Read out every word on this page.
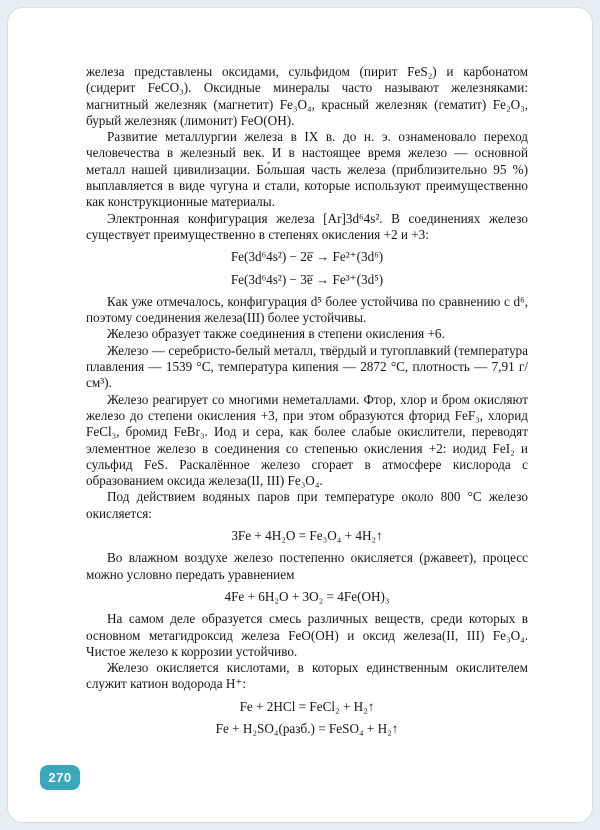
железа представлены оксидами, сульфидом (пирит FeS₂) и карбонатом (сидерит FeCO₃). Оксидные минералы часто называют железняками: магнитный железняк (магнетит) Fe₃O₄, красный железняк (гематит) Fe₂O₃, бурый железняк (лимонит) FeO(OH).

Развитие металлургии железа в IX в. до н. э. ознаменовало переход человечества в железный век. И в настоящее время железо — основной металл нашей цивилизации. Бо́льшая часть железа (приблизительно 95 %) выплавляется в виде чугуна и стали, которые используют преимущественно как конструкционные материалы.

Электронная конфигурация железа [Ar]3d⁶4s². В соединениях железо существует преимущественно в степенях окисления +2 и +3:

Fe(3d⁶4s²) − 2e̅ → Fe²⁺(3d⁶)
Fe(3d⁶4s²) − 3e̅ → Fe³⁺(3d⁵)

Как уже отмечалось, конфигурация d⁵ более устойчива по сравнению с d⁶, поэтому соединения железа(III) более устойчивы.

Железо образует также соединения в степени окисления +6.

Железо — серебристо-белый металл, твёрдый и тугоплавкий (температура плавления — 1539 °C, температура кипения — 2872 °C, плотность — 7,91 г/см³).

Железо реагирует со многими неметаллами. Фтор, хлор и бром окисляют железо до степени окисления +3, при этом образуются фторид FeF₃, хлорид FeCl₃, бромид FeBr₃. Иод и сера, как более слабые окислители, переводят элементное железо в соединения со степенью окисления +2: иодид FeI₂ и сульфид FeS. Раскалённое железо сгорает в атмосфере кислорода с образованием оксида железа(II, III) Fe₃O₄.

Под действием водяных паров при температуре около 800 °C железо окисляется:

3Fe + 4H₂O = Fe₃O₄ + 4H₂↑

Во влажном воздухе железо постепенно окисляется (ржавеет), процесс можно условно передать уравнением

4Fe + 6H₂O + 3O₂ = 4Fe(OH)₃

На самом деле образуется смесь различных веществ, среди которых в основном метагидроксид железа FeO(OH) и оксид железа(II, III) Fe₃O₄. Чистое железо к коррозии устойчиво.

Железо окисляется кислотами, в которых единственным окислителем служит катион водорода H⁺:

Fe + 2HCl = FeCl₂ + H₂↑
Fe + H₂SO₄(разб.) = FeSO₄ + H₂↑
270
